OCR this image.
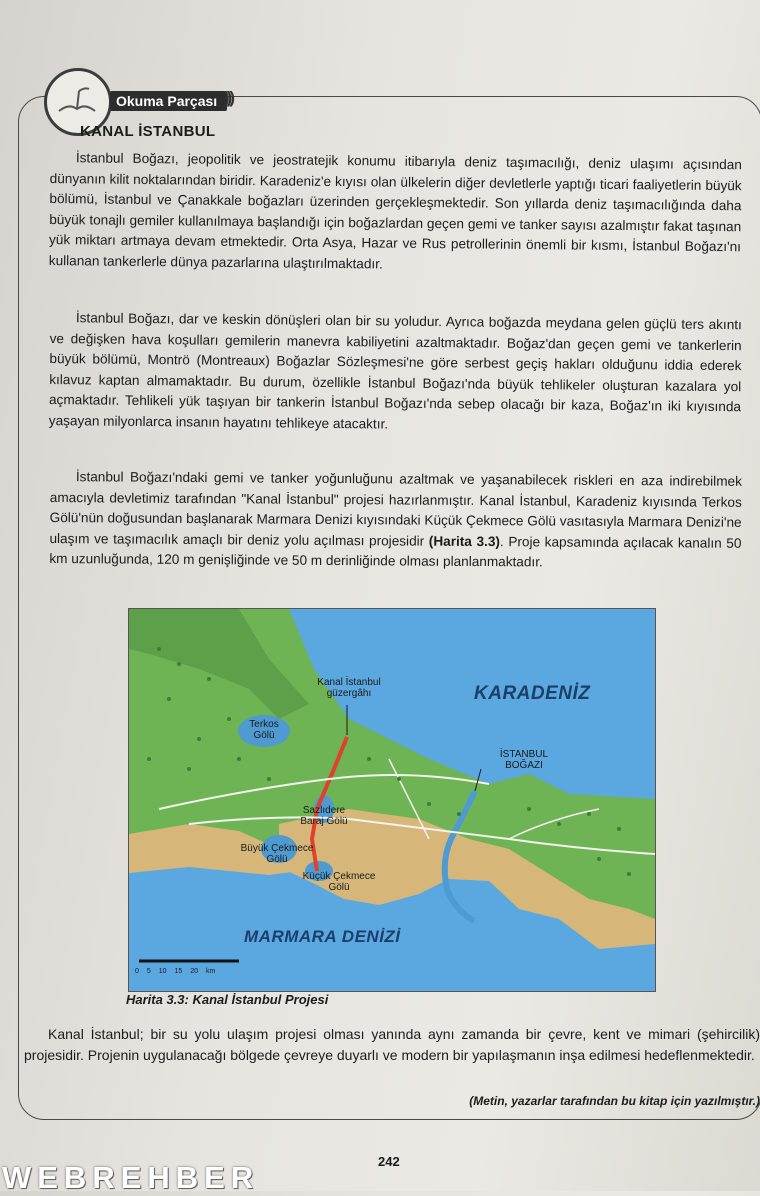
Okuma Parçası )))
KANAL İSTANBUL

İstanbul Boğazı, jeopolitik ve jeostratejik konumu itibarıyla deniz taşımacılığı, deniz ulaşımı açısından dünyanın kilit noktalarından biridir. Karadeniz'e kıyısı olan ülkelerin diğer devletlerle yaptığı ticari faaliyetlerin büyük bölümü, İstanbul ve Çanakkale boğazları üzerinden gerçekleşmektedir. Son yıllarda deniz taşımacılığında daha büyük tonajlı gemiler kullanılmaya başlandığı için boğazlardan geçen gemi ve tanker sayısı azalmıştır fakat taşınan yük miktarı artmaya devam etmektedir. Orta Asya, Hazar ve Rus petrollerinin önemli bir kısmı, İstanbul Boğazı'nı kullanan tankerlerle dünya pazarlarına ulaştırılmaktadır.

İstanbul Boğazı, dar ve keskin dönüşleri olan bir su yoludur. Ayrıca boğazda meydana gelen güçlü ters akıntı ve değişken hava koşulları gemilerin manevra kabiliyetini azaltmaktadır. Boğaz'dan geçen gemi ve tankerlerin büyük bölümü, Montrö (Montreaux) Boğazlar Sözleşmesi'ne göre serbest geçiş hakları olduğunu iddia ederek kılavuz kaptan almamaktadır. Bu durum, özellikle İstanbul Boğazı'nda büyük tehlikeler oluşturan kazalara yol açmaktadır. Tehlikeli yük taşıyan bir tankerin İstanbul Boğazı'nda sebep olacağı bir kaza, Boğaz'ın iki kıyısında yaşayan milyonlarca insanın hayatını tehlikeye atacaktır.

İstanbul Boğazı'ndaki gemi ve tanker yoğunluğunu azaltmak ve yaşanabilecek riskleri en aza indirebilmek amacıyla devletimiz tarafından "Kanal İstanbul" projesi hazırlanmıştır. Kanal İstanbul, Karadeniz kıyısında Terkos Gölü'nün doğusundan başlanarak Marmara Denizi kıyısındaki Küçük Çekmece Gölü vasıtasıyla Marmara Denizi'ne ulaşım ve taşımacılık amaçlı bir deniz yolu açılması projesidir (Harita 3.3). Proje kapsamında açılacak kanalın 50 km uzunluğunda, 120 m genişliğinde ve 50 m derinliğinde olması planlanmaktadır.

Kanal İstanbul
güzergâhı	KARADENİZ
İSTANBUL
BOĞAZI
Terkos
Gölü
Sazlıdere
Baraj Gölü
Büyük Çekmece
Gölü
Küçük Çekmece
Gölü
MARMARA DENİZİ
0 5 10 15 20 km
Harita 3.3: Kanal İstanbul Projesi

Kanal İstanbul; bir su yolu ulaşım projesi olması yanında aynı zamanda bir çevre, kent ve mimari (şehircilik) projesidir. Projenin uygulanacağı bölgede çevreye duyarlı ve modern bir yapılaşmanın inşa edilmesi hedeflenmektedir.

(Metin, yazarlar tarafından bu kitap için yazılmıştır.)
242
WEBREHBER
